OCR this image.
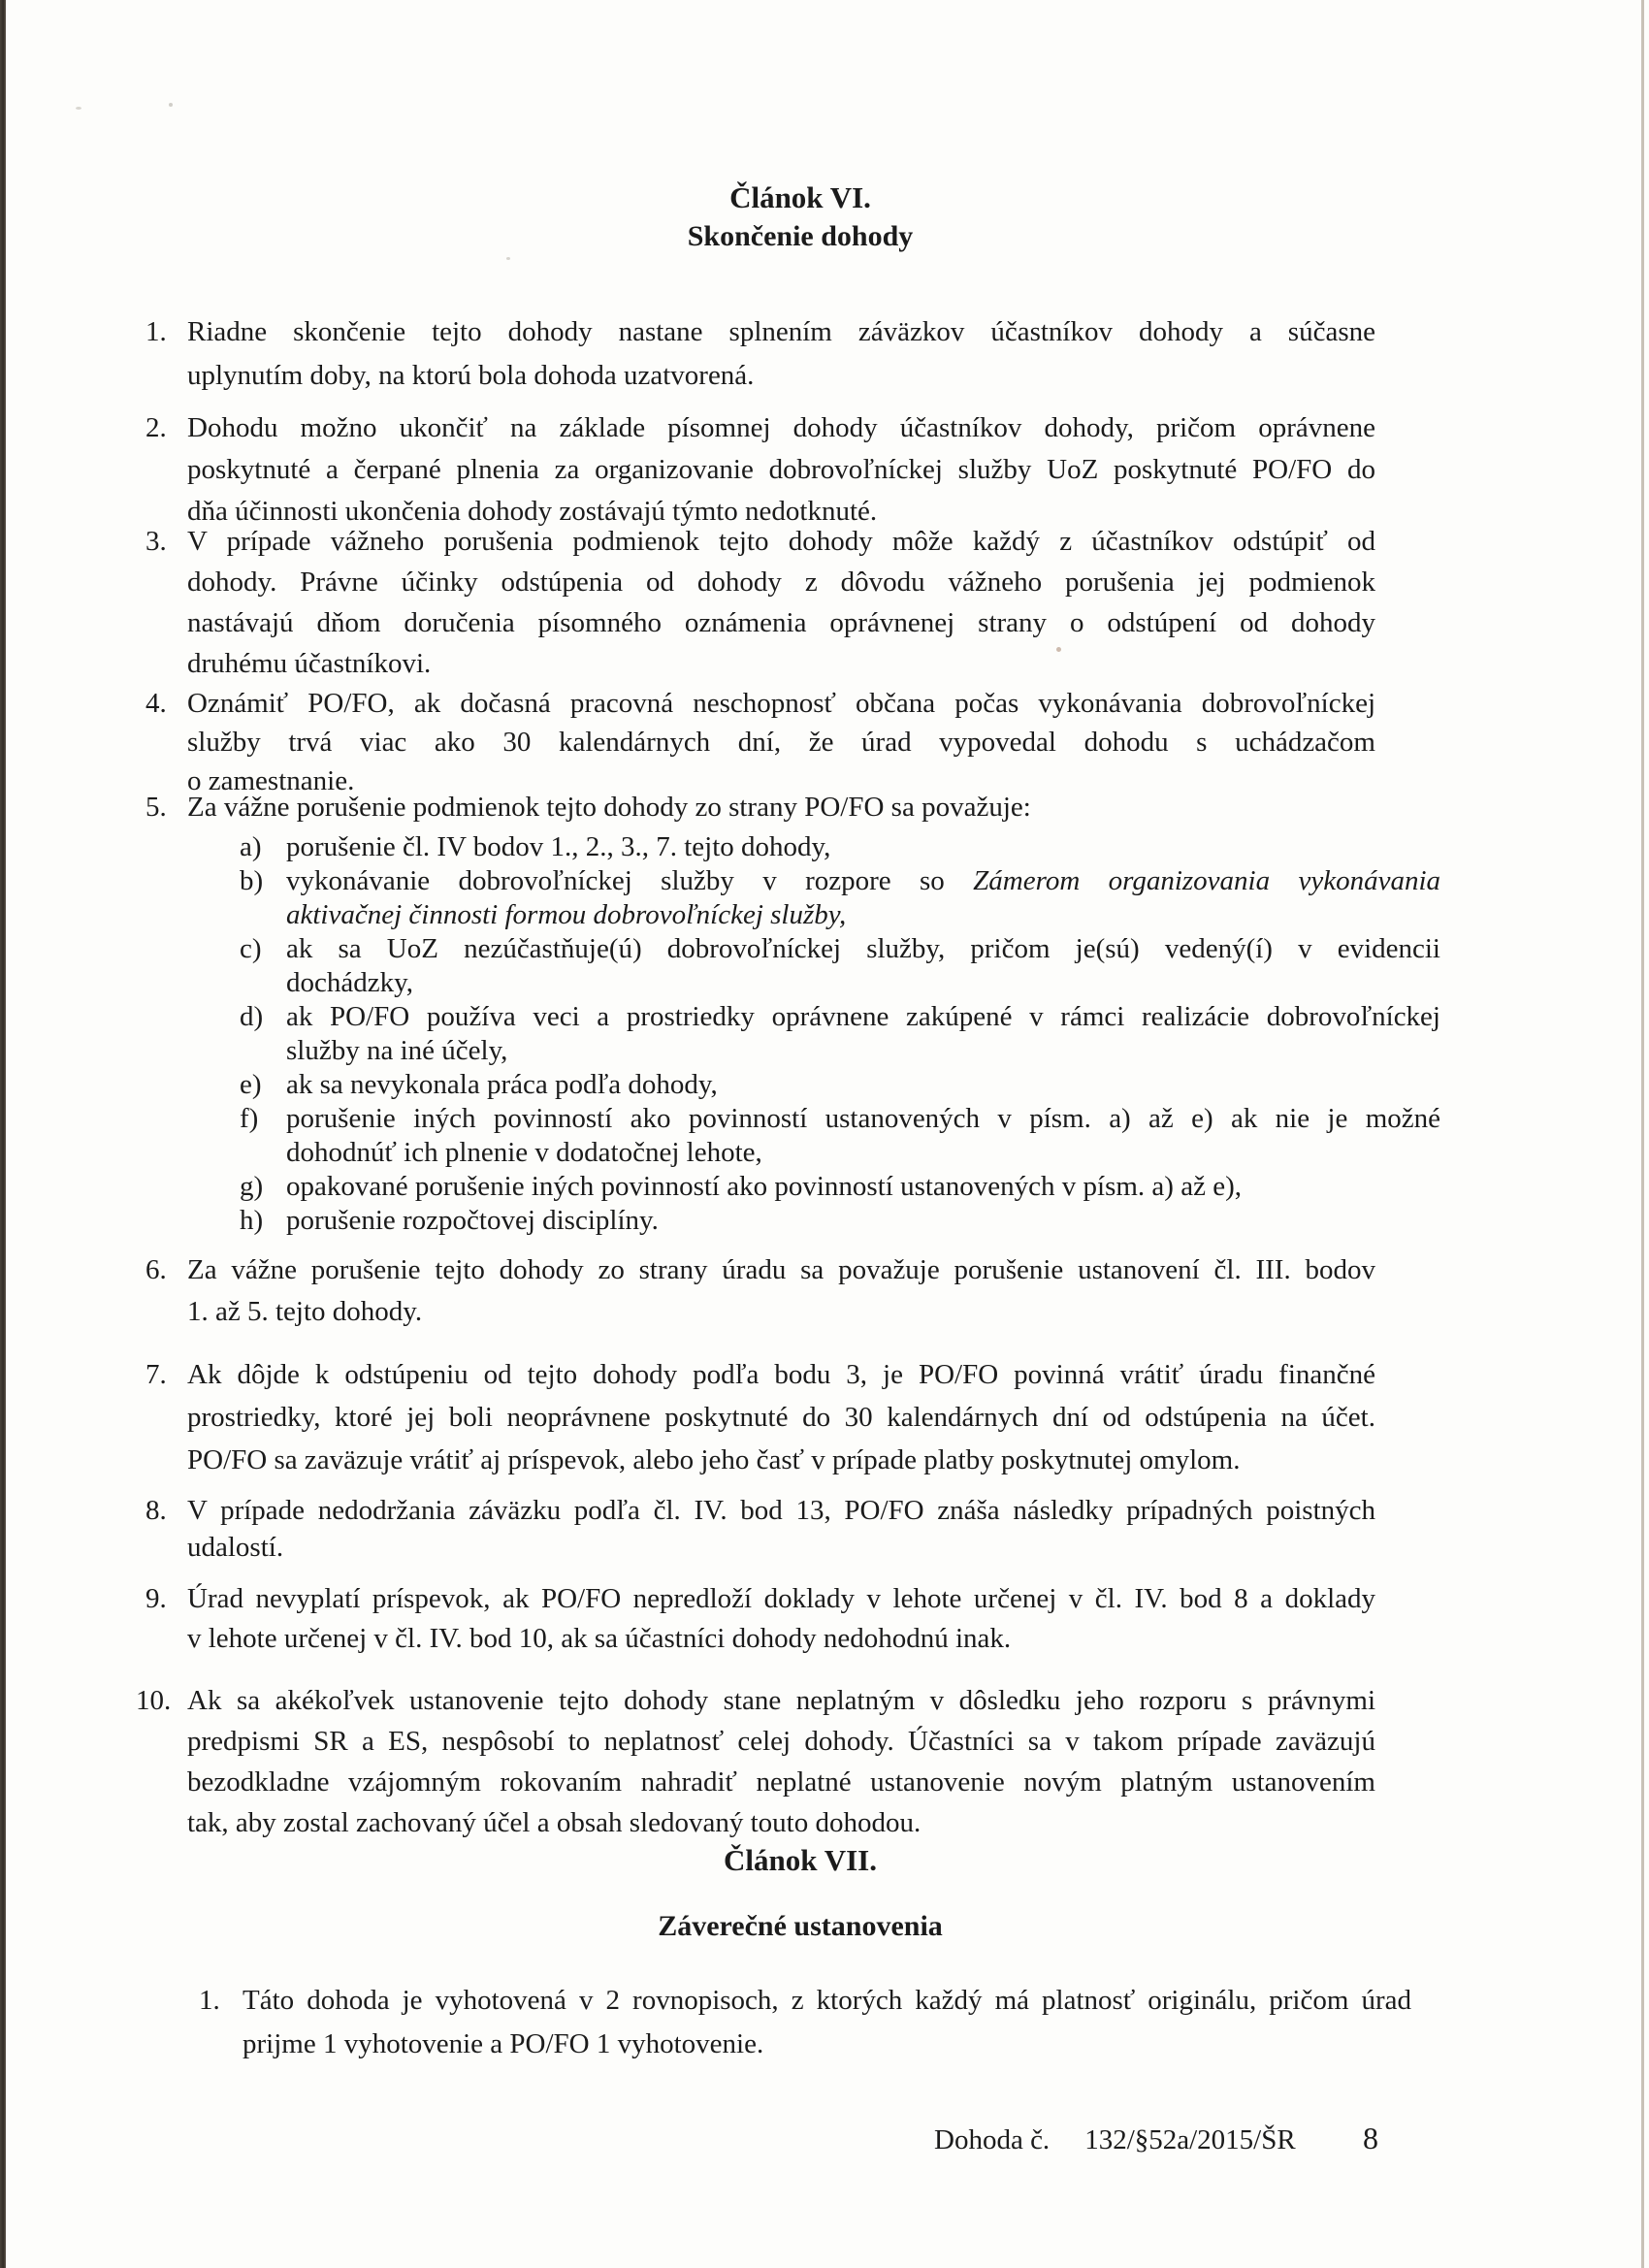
Článok VI.
Skončenie dohody
1. Riadne skončenie tejto dohody nastane splnením záväzkov účastníkov dohody a súčasne
uplynutím doby, na ktorú bola dohoda uzatvorená.
2. Dohodu možno ukončiť na základe písomnej dohody účastníkov dohody, pričom oprávnene
poskytnuté a čerpané plnenia za organizovanie dobrovoľníckej služby UoZ poskytnuté PO/FO do
dňa účinnosti ukončenia dohody zostávajú týmto nedotknuté.
3. V prípade vážneho porušenia podmienok tejto dohody môže každý z účastníkov odstúpiť od
dohody. Právne účinky odstúpenia od dohody z dôvodu vážneho porušenia jej podmienok
nastávajú dňom doručenia písomného oznámenia oprávnenej strany o odstúpení od dohody
druhému účastníkovi.
4. Oznámiť PO/FO, ak dočasná pracovná neschopnosť občana počas vykonávania dobrovoľníckej
služby trvá viac ako 30 kalendárnych dní, že úrad vypovedal dohodu s uchádzačom
o zamestnanie.
5. Za vážne porušenie podmienok tejto dohody zo strany PO/FO sa považuje:
a) porušenie čl. IV bodov 1., 2., 3., 7. tejto dohody,
b) vykonávanie dobrovoľníckej služby v rozpore so Zámerom organizovania vykonávania
aktivačnej činnosti formou dobrovoľníckej služby,
c) ak sa UoZ nezúčastňuje(ú) dobrovoľníckej služby, pričom je(sú) vedený(í) v evidencii
dochádzky,
d) ak PO/FO používa veci a prostriedky oprávnene zakúpené v rámci realizácie dobrovoľníckej
služby na iné účely,
e) ak sa nevykonala práca podľa dohody,
f) porušenie iných povinností ako povinností ustanovených v písm. a) až e) ak nie je možné
dohodnúť ich plnenie v dodatočnej lehote,
g) opakované porušenie iných povinností ako povinností ustanovených v písm. a) až e),
h) porušenie rozpočtovej disciplíny.
6. Za vážne porušenie tejto dohody zo strany úradu sa považuje porušenie ustanovení čl. III. bodov
1. až 5. tejto dohody.
7. Ak dôjde k odstúpeniu od tejto dohody podľa bodu 3, je PO/FO povinná vrátiť úradu finančné
prostriedky, ktoré jej boli neoprávnene poskytnuté do 30 kalendárnych dní od odstúpenia na účet.
PO/FO sa zaväzuje vrátiť aj príspevok, alebo jeho časť v prípade platby poskytnutej omylom.
8. V prípade nedodržania záväzku podľa čl. IV. bod 13, PO/FO znáša následky prípadných poistných
udalostí.
9. Úrad nevyplatí príspevok, ak PO/FO nepredloží doklady v lehote určenej v čl. IV. bod 8 a doklady
v lehote určenej v čl. IV. bod 10, ak sa účastníci dohody nedohodnú inak.
10. Ak sa akékoľvek ustanovenie tejto dohody stane neplatným v dôsledku jeho rozporu s právnymi
predpismi SR a ES, nespôsobí to neplatnosť celej dohody. Účastníci sa v takom prípade zaväzujú
bezodkladne vzájomným rokovaním nahradiť neplatné ustanovenie novým platným ustanovením
tak, aby zostal zachovaný účel a obsah sledovaný touto dohodou.
Článok VII.
Záverečné ustanovenia
1. Táto dohoda je vyhotovená v 2 rovnopisoch, z ktorých každý má platnosť originálu, pričom úrad
prijme 1 vyhotovenie a PO/FO 1 vyhotovenie.
Dohoda č. 132/§52a/2015/ŠR 8
